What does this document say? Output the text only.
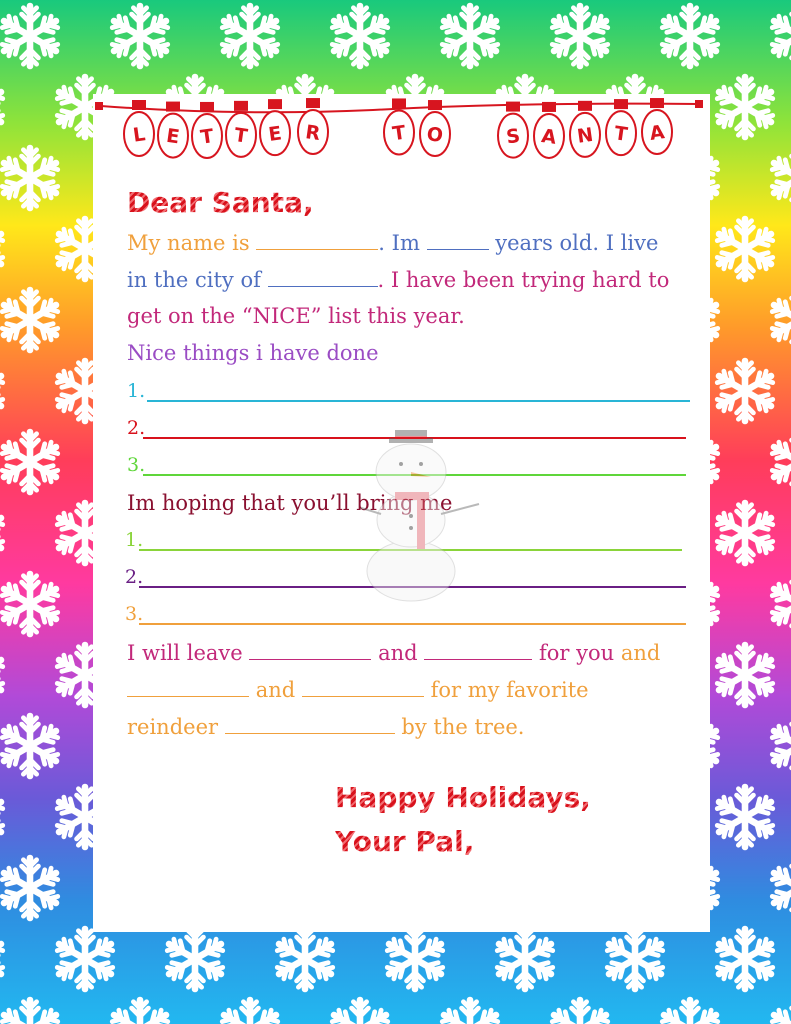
L E T T E R	T O	S A N T A
Dear Santa,
My name is	. Im	years old. I live
in the city of	. I have been trying hard to
get on the “NICE” list this year.
Nice things i have done
1.
2.
3.
Im hoping that you’ll bring me
1.
2.
3.
I will leave	and	for you and
and	for my favorite
reindeer	by the tree.
Happy Holidays,
Your Pal,
